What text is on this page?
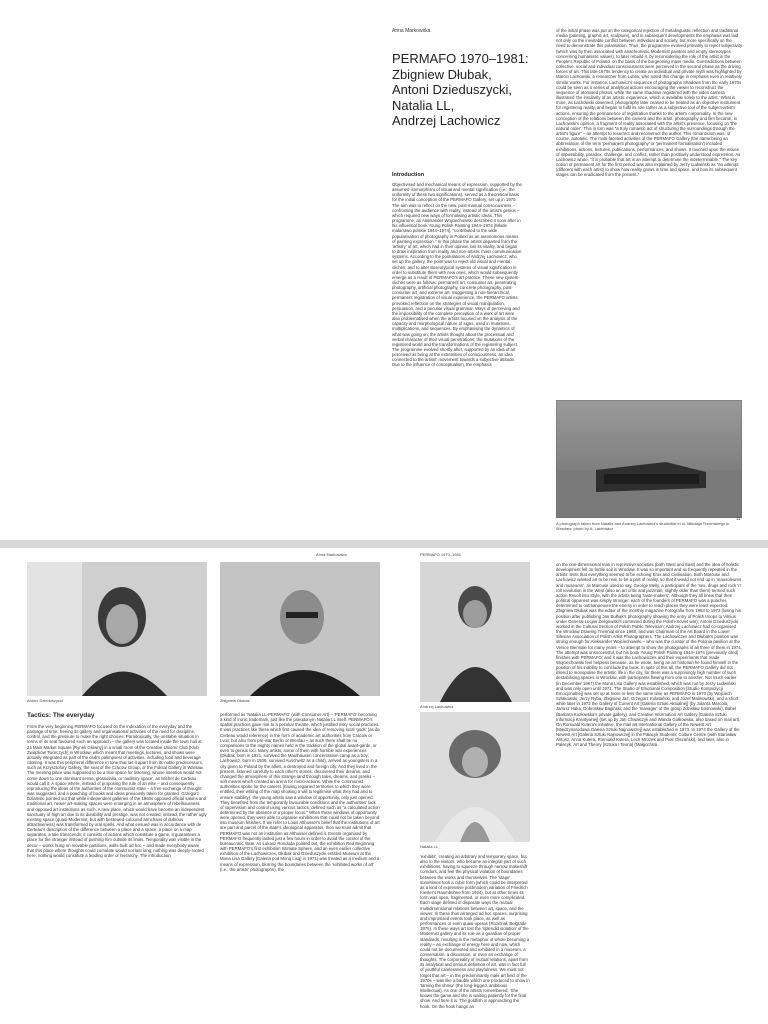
Anna Markowska
PERMAFO 1970–1981:
Zbigniew Dłubak,
Antoni Dzieduszycki,
Natalia LL,
Andrzej Lachowicz
Introduction

Objectivised and mechanical means of expression, supported by the assumed isomorphism of visual and mental signification (i.e., the uniformity of these two significations), served as a theoretical basis for the initial conception of the PERMAFO Gallery, set up in 1970. The aim was to reflect on the new, post-manual consciousness – confronting the audience with reality, instead of the artist's genius – which required new ways of formalising artistic ideas. This programme, as Aleksander Wojciechowski described it soon after in his influential book Young Polish Painting 1944–1974 [Młode malarstwo polskie 1944–1974], "contributed to the wide popularisation of photography in Poland as an autonomous means of painting expression." In this phase the artists departed from the 'artistry' of art, which had in their opinion lost its vitality, and began to draw inspiration from reality and non-artistic mass communication systems. According to the postulations of Andrzej Lachowicz, who set up the gallery, the point was to reject old visual and mental clichés, and to alter stereotypical systems of visual signification in order to substitute them with new ones, which would subsequently emerge as a result of PERMAFO's art practice. These new system-clichés were as follows: permanent art, consumer art, penetrating photography, artificial photography, concrete photography, post-consumer art, and extreme art. Suggesting a non-hierarchical, permanent registration of visual experience, the PERMAFO artists provoked reflection on the strategies of visual manipulation, persuasion, and a peculiar visual grammar. Ways of perceiving and the impossibility of the complete perception of a work of art were also problematised when the artists focused on the analysis of the capacity and morphological nature of signs, used in mutations, multiplications, and sequences. By emphasising the dynamics of what was going on, the artists thought about the processual and verbal character of their visual penetrations; the mutations of the registered world and the transformations of the registering subject. The programme evolved shortly after, supported by an idea of art perceived as being at the extremities of consciousness, an idea connected to the artists' movement towards a subjective attitude. Due to the influence of conceptualism, the emphasis

of the initial phase was put on the categorical rejection of metalinguistic reflection and traditional media (painting, graphic art, sculpture), and in subsequent developments the emphasis was laid not only on the inevitable conflict between individual and society, but more specifically on the need to demonstrate this polarisation. Thus, the programme evolved primarily to reject subjectivity (which was by then associated with anachronistic Modernist painters and empty stereotypes concerning humanistic values), to later rebuild it, by reconsidering the role of the artist in the People's Republic of Poland, on the basis of the burgeoning mass media. Contradictions between collective, social and individual consciousness were perceived in the second phase as the driving forces of art. This late-1970s tendency to create an individual and private myth was highlighted by Marcin Lachowski, a researcher from Lublin, who noted this change in emphasis even in relatively similar works. For instance, Lachowicz's sequence of photographs Shadows from the early 1970s could be seen as a series of analytical actions encouraging the viewer to reconstruct the sequence of atomised photos, while the same shadows registered with the video camera illustrated 'the insularity of an artistic experience, which is available solely to the artist.' What is more, as Lachowski observed, photography later ceased to be treated as an objective instrument for registering reality, and began to fulfil its role rather as a subjective tool of the subject-artist's actions, ensuring the permanence of registration thanks to the artist's corporeality. In the new conception of the relations between the camera and the artist, photography and film became, in Lachowski's opinion, a fragment of reality associated with the artist's presence, focusing on 'the natural order'. This in turn was "a truly romantic act of structuring the surroundings through the artist's figure" – an attempt to resurrect and reconstruct the author. This romanticism was, of course, autotelic. The multi-faceted activities of the PERMAFO Gallery (the name being an abbreviation of the term 'permanent photography' or 'permanent formalisation') included exhibitions, actions, lectures, publications, performances, and shows. It touched upon the issues of impossibility, paradox, challenge, and conflict, rather than positively understood expression. As Lachowicz wrote, "it is probable that art is an attempt to determine the indeterminable." The key notion of permanent art for the first period was also explained by Jerzy Ludwiński as "an attempt (different with each artist) to show how reality grows in time and space, and how its subsequent stages can be eradicated from the present."

A photograph taken from Natalia and Andrzej Lachowicz's studio/flat in ul. Mikołaja Trzcińskiego in Wrocław; photo by A. Lachowicz
11
Anna Markowska	PERMAFO 1970–1981
Antoni Dzieduszycki	Zbigniew Dłubak
Andrzej Lachowicz
Natalia LL
Tactics: The everyday

From the very beginning PERMAFO focused on the indexation of the everyday and the passage of time, freeing its gallery and organisational activities of the need for discipline, control, and the pressure to make the right choices. Paradoxically, the unstable situation in terms of its seat favoured such an approach – the gallery was located inside the town hall at 24 Main Market Square [Rynek Główny] in a small room of the Creative Unions' Club [Klub Związków Twórczych] in Wrocław, which meant that meetings, lectures, and shows were actually integrated as part of the club's palimpsest of activities, including food and beverage catering. It was this peripheral difference in tone that set it apart from its noble predecessors, such as Krzysztofory Gallery, the seat of the Cracow Group, or the Foksal Gallery in Warsaw. The meeting place was supposed to be a true space for listening, whose intention would not come down to one dominant sense, glossolalia, or 'auditory space', as Michel de Certeau would call it. A space where, instead of proposing the rule of an elite – and consequently reproducing the ideas of the authorities of the communist state – a free exchange of thought was suggested, and a poaching of books and ideas previously taken for granted. Grzegorz Dziamski pointed out that while independent galleries of the 1960s opposed official salons and traditional art, newer art-making spaces were emerging in an atmosphere of rebelliousness and opposed art institutions as such. A new place, which would have become an independent sanctuary of high art due to its durability and prestige, was not created; instead, the rather ugly existing space (quasi-Modernist, but with bestowed-coloured armchairs of dubious attractiveness) was transformed by oral spells. And what ensued was in accordance with de Certeau's description of the difference between a place and a space: a place on a map separates, a tale transcends; it consists of actions which constitute a game, it guarantees a place for the stranger instead of pushing him outside its limits. Temporality was visible in the decor – works hung on movable partitions, walls built ad hoc – and made everybody aware that this place where thoughts could cumulate would not last long; nothing was deeply-rooted here, nothing would constitute a leading order or hierarchy. The introduction

performed as 'Natalia LL-PERMAFO' (with Consumer Art) – 'PERMAFO' becoming a kind of ironic trademark, just like the pseudonym Natalia LL itself. PERMAFO's spatial practices gave rise to a peculiar theatre, which justified risky social practices. It was practices like these which first caused the idea of removing local 'gods' (as de Certeau would reference) in the form of academic art authorities from Cracow or Lvov, but also from pre-war Berlin or Breslau – as such there shall be no comparisons to the mighty names held in the tradition of the global avant-garde, or even to genius loci. Many artists, some of them with horrible war experiences (Dłubak, born in 1921, survived the Mauthausen concentration camp as a boy; Lachowicz, born in 1939, survived Auschwitz as a child), arrived as youngsters in a city given to Poland by the allies, a destroyed and foreign city. And they lived in the present, listened carefully to each other's stories, discovered their dreams, and changed the atmosphere of this strange land through tales, dreams, and pranks – soft means which created an arena for micro-actions. While the Communist authorities spoke for the careers (having regained territories to which they were entitled, their writing of the map showing a will to legitimise what they had and to ensure stability), the young artists saw a window of opportunity, only just opened. They benefited from the temporarily favourable conditions and the authorities' lack of supervision and control using various tactics, defined such as "a calculated action determined by the absence of a proper locus." When these windows of opportunity were opened, they were able to organise exhibitions that could not be taken beyond into museum fetishes. If we refer to Louis Althusser's belief that the institutions of art are part and parcel of the state's ideological apparatus, then we must admit that PERMAFO was not an institution as Althusser defined it. Events organised by PERMAFO frequently lasted just a few hours in order to avoid the control of the bureaucratic state. As Łukasz Ronduda pointed out, the exhibition Red Beginning with PERMAFO's first exhibition Intimate Sphere, and an even earlier collective exhibition of the Lachowiczes, Dłubak and Dzieduszycki entitled Museum at the Mona Lisa Gallery [Galeria pod Moną Lisą] in 1971) was treated as a medium and a means of expression, blurring the boundaries between the 'exhibited works of art' (i.e., the artists' photographs), the

'exhibits', creating an arbitrary and temporary space, but also to the visitors, who became an integral part of such exhibitions, having to squeeze through narrow makeshift corridors, and feel the physical violation of boundaries between the works and themselves. The 'stage' sometimes took a cubic form (which could be interpreted as a kind of expressive postmodern variation of Friedrich Kiesler's Raumbühne from 1924), but at other times its form was open, fragmented, or even more complicated. Each stage defined in disparate ways the mutual multidimensional relations between art, space, and the viewer. In these thus arranged ad hoc spaces, surprising and improvised events took place, as well as performances or even quasi-operas (Rozdział, Belgrade 1975). In these ways art lost the 'splendid isolation' of the Modernist gallery and its role as a guardian of proper standards, resulting in the metaphor of whole becoming a reality – an exchange of energy here and now, which could not be documented and exhibited in a museum, a conversation, a discussion, or even an exchange of thoughts. The corporeality of mutual relations, apart from its analytical and serious definition of art, was in fact full of youthful carelessness and playfulness. We must not forget that art – in the predominantly male art field of the 1970s – was like a bauble which one produced to show in 'taming the shrew' (the long-legged, ambitious intellectual). As one of the artists remembered: 'She knows the game and she is waiting patiently for the final show. And here it is. The goldfish is approaching the hook. On the hook hangs an

on the one-dimensional man in repressive societies (both West and East) and the idea of holistic development fell on fertile soil in Wrocław. It was so important and so frequently repeated in the artists' texts that everything seemed to be echoing Eros and Civilisation. Both Marcuse and Lachowicz wanted art to be real, to be a part of reality, so that it would not end up in 'mausoleums and museums', as Marcuse used to say. George Melly, a participant of the 'sex, drugs and rock 'n' roll revolution in the West (also an art critic and jazzman, slightly older than them) termed such action Revolt into Style, with the artists being 'taste-makers'. Although they all knew that their political opponent was simply stronger, each of the founders of PERMAFO was a poacher, determined to outmanoeuvre the enemy in order to reach places they were least expected. Zbigniew Dłubak was the editor of the monthly magazine Fotografia from 1953 to 1972 (losing his position after publishing Jan Bułhak's photography showing the entry of Polish troops to Vilnius under General Lucjan Żeligowski's command during the Polish-Soviet war); Antoni Dzieduszycki worked in the Cultural Section of Polish Public Television; Andrzej Lachowicz had co-organised the Wrocław Drawing Triennial since 1968, and was Chairman of the Art Board in the Lower Silesian Association of Polish Artist Photographers. The Lachowiczes and Dłubak's position was strong enough for Aleksander Wojciechowski – who was the curator of the Polonia pavilion at the Venice Biennale for many years – to attempt to show the photographs of all three of them in 1974. The attempt was unsuccessful, but his book Young Polish Painting 1944–1974 (previously cited) finishes with PERMAFO; and it was the Lachowiczes and their experiments that made Wojciechowski feel helpless because, as he wrote, being an art historian he found himself in the position of his inability to conclude the book. In spite of this all, the PERMAFO Gallery did not intend to monopolise the artistic life in the city, for there was a surprisingly high number of such destabilising spaces in Wrocław, with participants flowing from one to another. Not much earlier (in December 1967) the Mona Lisa Gallery was established, which was run by Jerzy Ludwiński and was only open until 1971. The Studio of Emotional Composition [Studio Kompozycji Emocjonalnej] was set up at more or less the same time as PERMAFO in 1970 (by Wojciech Szlakowski, Jerzy Ryba, Zbigniew Jaż, Grzegorz Kolatański, and Józef Malinowski), and a short while later in 1972 the Gallery of Current Art [Galeria Sztuki Aktualnej] (by Jolanta Marcola, Janusz Haka, Dobrosław Bagiński, and the 'manager' of the group Zdzisław Sosnowski), Babel (Barbara Kozłowska's private gallery), and Creative Information Art Gallery [Galeria Sztuki Informacji Kreatywnej] (set up by Jan Chwałczyk and Wanda Gołkowska, also based on mail art). On Romuald Kutera's initiative, the mail art International Gallery of the Newest Art [Międzynarodowa Galeria Sztuki Najnowszej] was established in 1973. In 1974 the Gallery of the Newest Art [Galeria Sztuki Najnowszej] in the Pałacyk Students' Culture Centre (with Stanisław Antosz, Anna Kutera, Romuald Kutera, Lech Mrożek and Piotr Olszański), and later, also in Pałacyk, Art and Theory [Sztuka i Teoria] (Małgorzata
